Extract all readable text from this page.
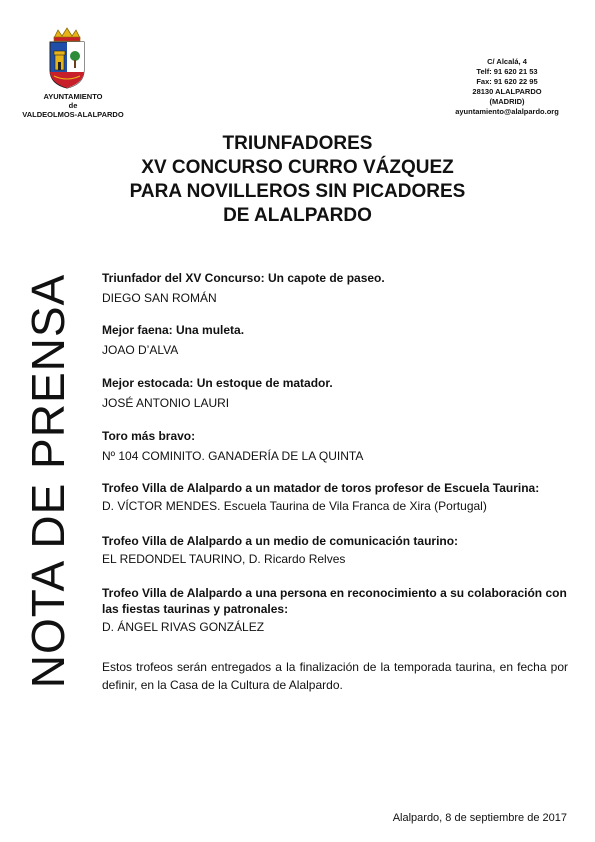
AYUNTAMIENTO
de
VALDEOLMOS-ALALPARDO
C/ Alcalá, 4
Telf: 91 620 21 53
Fax: 91 620 22 95
28130 ALALPARDO
(MADRID)
ayuntamiento@alalpardo.org
TRIUNFADORES
XV CONCURSO CURRO VÁZQUEZ
PARA NOVILLEROS SIN PICADORES
DE ALALPARDO
NOTA DE PRENSA Triunfador del XV Concurso: Un capote de paseo.
DIEGO SAN ROMÁN
Mejor faena: Una muleta.
JOAO D’ALVA
Mejor estocada: Un estoque de matador.
JOSÉ ANTONIO LAURI
Toro más bravo:
Nº 104 COMINITO. GANADERÍA DE LA QUINTA
Trofeo Villa de Alalpardo a un matador de toros profesor de Escuela Taurina:
D. VÍCTOR MENDES. Escuela Taurina de Vila Franca de Xira (Portugal)
Trofeo Villa de Alalpardo a un medio de comunicación taurino:
EL REDONDEL TAURINO, D. Ricardo Relves
Trofeo Villa de Alalpardo a una persona en reconocimiento a su colaboración con las fiestas taurinas y patronales:
D. ÁNGEL RIVAS GONZÁLEZ
Estos trofeos serán entregados a la finalización de la temporada taurina, en fecha por definir, en la Casa de la Cultura de Alalpardo.
Alalpardo, 8 de septiembre de 2017
